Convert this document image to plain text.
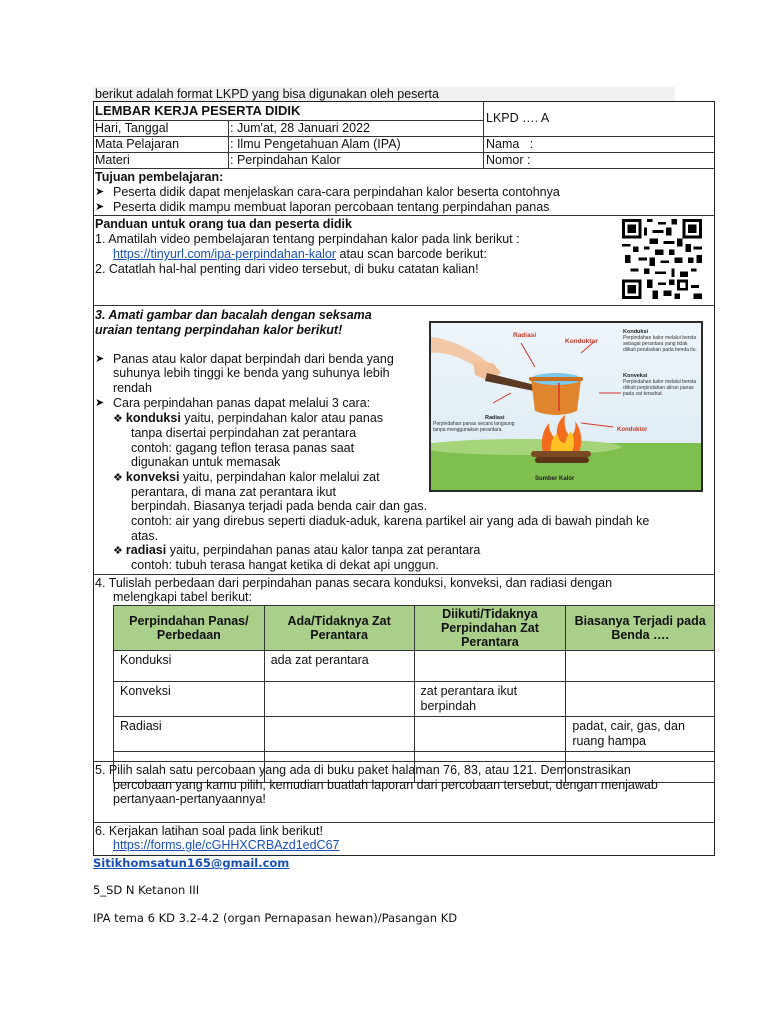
berikut adalah format LKPD yang bisa digunakan oleh peserta
LEMBAR KERJA PESERTA DIDIK	LKPD …. A
Hari, Tanggal	: Jum'at, 28 Januari 2022
Mata Pelajaran	: Ilmu Pengetahuan Alam (IPA)	Nama   :
Materi	: Perpindahan Kalor	Nomor :
Tujuan pembelajaran:
➤ Peserta didik dapat menjelaskan cara-cara perpindahan kalor beserta contohnya
➤ Peserta didik mampu membuat laporan percobaan tentang perpindahan panas
Panduan untuk orang tua dan peserta didik
1. Amatilah video pembelajaran tentang perpindahan kalor pada link berikut :
https://tinyurl.com/ipa-perpindahan-kalor atau scan barcode berikut:
2. Catatlah hal-hal penting dari video tersebut, di buku catatan kalian!
3. Amati gambar dan bacalah dengan seksama
uraian tentang perpindahan kalor berikut!
➤ Panas atau kalor dapat berpindah dari benda yang
suhunya lebih tinggi ke benda yang suhunya lebih
rendah
➤ Cara perpindahan panas dapat melalui 3 cara:
❖ konduksi yaitu, perpindahan kalor atau panas
tanpa disertai perpindahan zat perantara
contoh: gagang teflon terasa panas saat
digunakan untuk memasak
❖ konveksi yaitu, perpindahan kalor melalui zat
perantara, di mana zat perantara ikut
berpindah. Biasanya terjadi pada benda cair dan gas.
contoh: air yang direbus seperti diaduk-aduk, karena partikel air yang ada di bawah pindah ke
atas.
❖ radiasi yaitu, perpindahan panas atau kalor tanpa zat perantara
contoh: tubuh terasa hangat ketika di dekat api unggun.
Radiasi
Konduktor
Konduksi
Perpindahan kalor melalui benda sebagai perantara yang tidak diikuti perubahan pada benda itu.
Konveksi
Perpindahan kalor melalui benda diikuti perpindahan aliran panas pada zat tersebut.
Radiasi
Perpindahan panas secara langsung tanpa menggunakan perantara.	Konduktor
Sumber Kalor
4. Tulislah perbedaan dari perpindahan panas secara konduksi, konveksi, dan radiasi dengan
melengkapi tabel berikut:
Perpindahan Panas/ Perbedaan	Ada/Tidaknya Zat Perantara	Diikuti/Tidaknya Perpindahan Zat Perantara	Biasanya Terjadi pada Benda ….
Konduksi	ada zat perantara		
Konveksi		zat perantara ikut berpindah	
Radiasi			padat, cair, gas, dan ruang hampa

5. Pilih salah satu percobaan yang ada di buku paket halaman 76, 83, atau 121. Demonstrasikan
percobaan yang kamu pilih, kemudian buatlah laporan dari percobaan tersebut, dengan menjawab
pertanyaan-pertanyaannya!
6. Kerjakan latihan soal pada link berikut!
https://forms.gle/cGHHXCRBAzd1edC67
Sitikhomsatun165@gmail.com
5_SD N Ketanon III
IPA tema 6 KD 3.2-4.2 (organ Pernapasan hewan)/Pasangan KD
